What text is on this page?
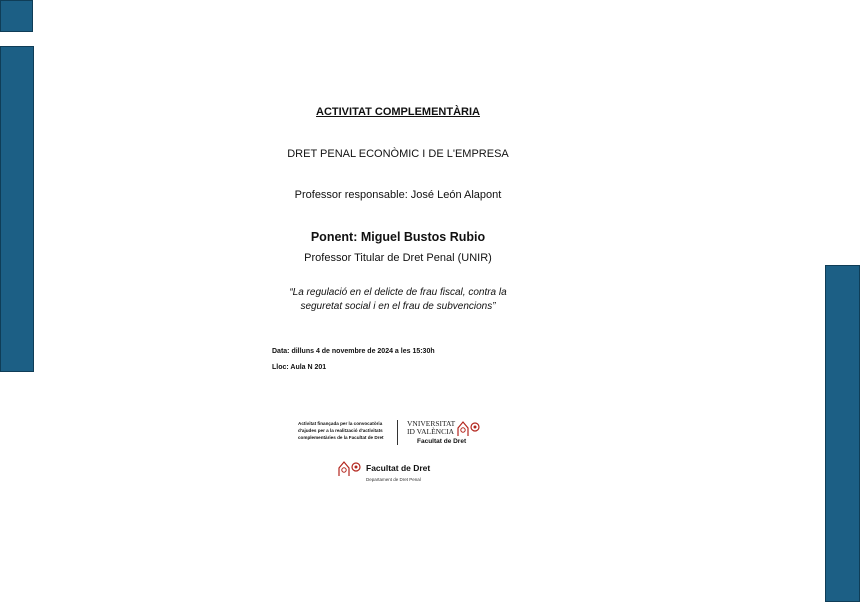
ACTIVITAT COMPLEMENTÀRIA
DRET PENAL ECONÒMIC I DE L'EMPRESA
Professor responsable: José León Alapont
Ponent: Miguel Bustos Rubio
Professor Titular de Dret Penal (UNIR)
“La regulació en el delicte de frau fiscal, contra la
seguretat social i en el frau de subvencions”
Data: dilluns 4 de novembre de 2024 a les 15:30h
Lloc: Aula N 201
Activitat finançada per la convocatòria
d'ajudes per a la realització d'activitats
complementàries de la Facultat de Dret
VNIVERSITAT
ID VALÈNCIA
Facultat de Dret
Facultat de Dret
Departament de Dret Penal
